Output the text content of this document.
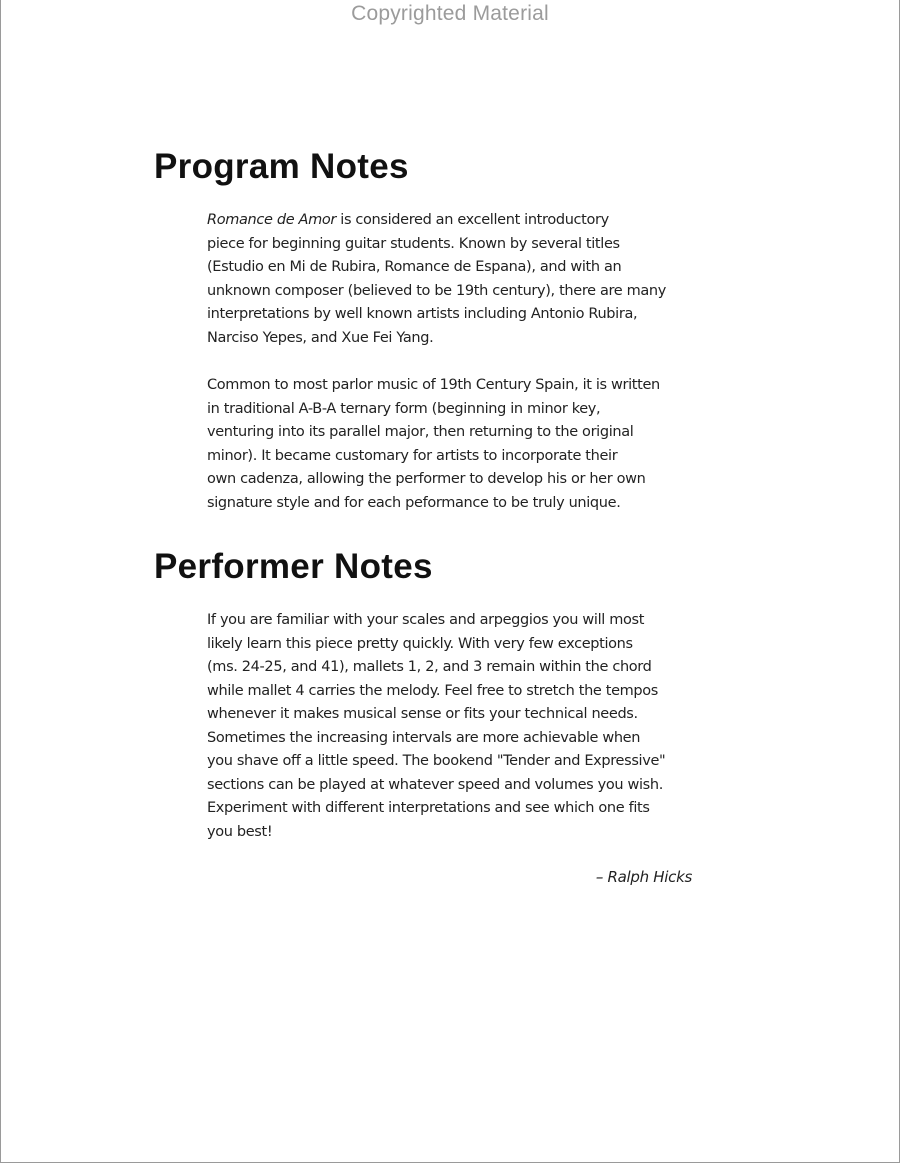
Copyrighted Material
Program Notes

Romance de Amor is considered an excellent introductory
piece for beginning guitar students. Known by several titles
(Estudio en Mi de Rubira, Romance de Espana), and with an
unknown composer (believed to be 19th century), there are many
interpretations by well known artists including Antonio Rubira,
Narciso Yepes, and Xue Fei Yang.

Common to most parlor music of 19th Century Spain, it is written
in traditional A-B-A ternary form (beginning in minor key,
venturing into its parallel major, then returning to the original
minor). It became customary for artists to incorporate their
own cadenza, allowing the performer to develop his or her own
signature style and for each peformance to be truly unique.

Performer Notes

If you are familiar with your scales and arpeggios you will most
likely learn this piece pretty quickly. With very few exceptions
(ms. 24-25, and 41), mallets 1, 2, and 3 remain within the chord
while mallet 4 carries the melody. Feel free to stretch the tempos
whenever it makes musical sense or fits your technical needs.
Sometimes the increasing intervals are more achievable when
you shave off a little speed. The bookend "Tender and Expressive"
sections can be played at whatever speed and volumes you wish.
Experiment with different interpretations and see which one fits
you best!

– Ralph Hicks
